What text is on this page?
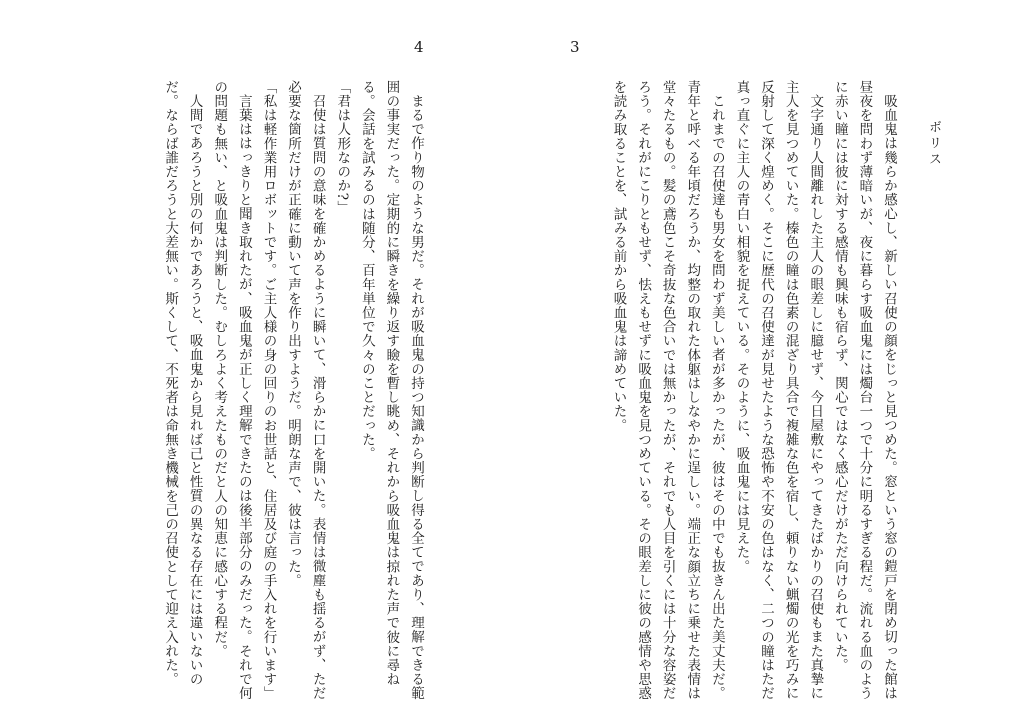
4	3
ボリス

吸血鬼は幾らか感心し、新しい召使の顔をじっと見つめた。窓という窓の鎧戸を閉め切った館は昼夜を問わず薄暗いが、夜に暮らす吸血鬼には燭台一つで十分に明るすぎる程だ。流れる血のように赤い瞳には彼に対する感情も興味も宿らず、関心ではなく感心だけがただ向けられていた。

文字通り人間離れした主人の眼差しに臆せず、今日屋敷にやってきたばかりの召使もまた真摯に主人を見つめていた。榛色の瞳は色素の混ざり具合で複雑な色を宿し、頼りない蝋燭の光を巧みに反射して深く煌めく。そこに歴代の召使達が見せたような恐怖や不安の色はなく、二つの瞳はただ真っ直ぐに主人の青白い相貌を捉えている。そのように、吸血鬼には見えた。

これまでの召使達も男女を問わず美しい者が多かったが、彼はその中でも抜きん出た美丈夫だ。青年と呼べる年頃だろうか、均整の取れた体躯はしなやかに逞しい。端正な顔立ちに乗せた表情は堂々たるもの。髪の鳶色こそ奇抜な色合いでは無かったが、それでも人目を引くには十分な容姿だろう。それがにこりともせず、怯えもせずに吸血鬼を見つめている。その眼差しに彼の感情や思惑を読み取ることを、試みる前から吸血鬼は諦めていた。

まるで作り物のような男だ。それが吸血鬼の持つ知識から判断し得る全てであり、理解できる範囲の事実だった。定期的に瞬きを繰り返す瞼を暫し眺め、それから吸血鬼は掠れた声で彼に尋ねる。会話を試みるのは随分、百年単位で久々のことだった。

「君は人形なのか?」

召使は質問の意味を確かめるように瞬いて、滑らかに口を開いた。表情は微塵も揺るがず、ただ必要な箇所だけが正確に動いて声を作り出すようだ。明朗な声で、彼は言った。

「私は軽作業用ロボットです。ご主人様の身の回りのお世話と、住居及び庭の手入れを行います」

言葉ははっきりと聞き取れたが、吸血鬼が正しく理解できたのは後半部分のみだった。それで何の問題も無い、と吸血鬼は判断した。むしろよく考えたものだと人の知恵に感心する程だ。

人間であろうと別の何かであろうと、吸血鬼から見れば己と性質の異なる存在には違いないのだ。ならば誰だろうと大差無い。斯くして、不死者は命無き機械を己の召使として迎え入れた。
